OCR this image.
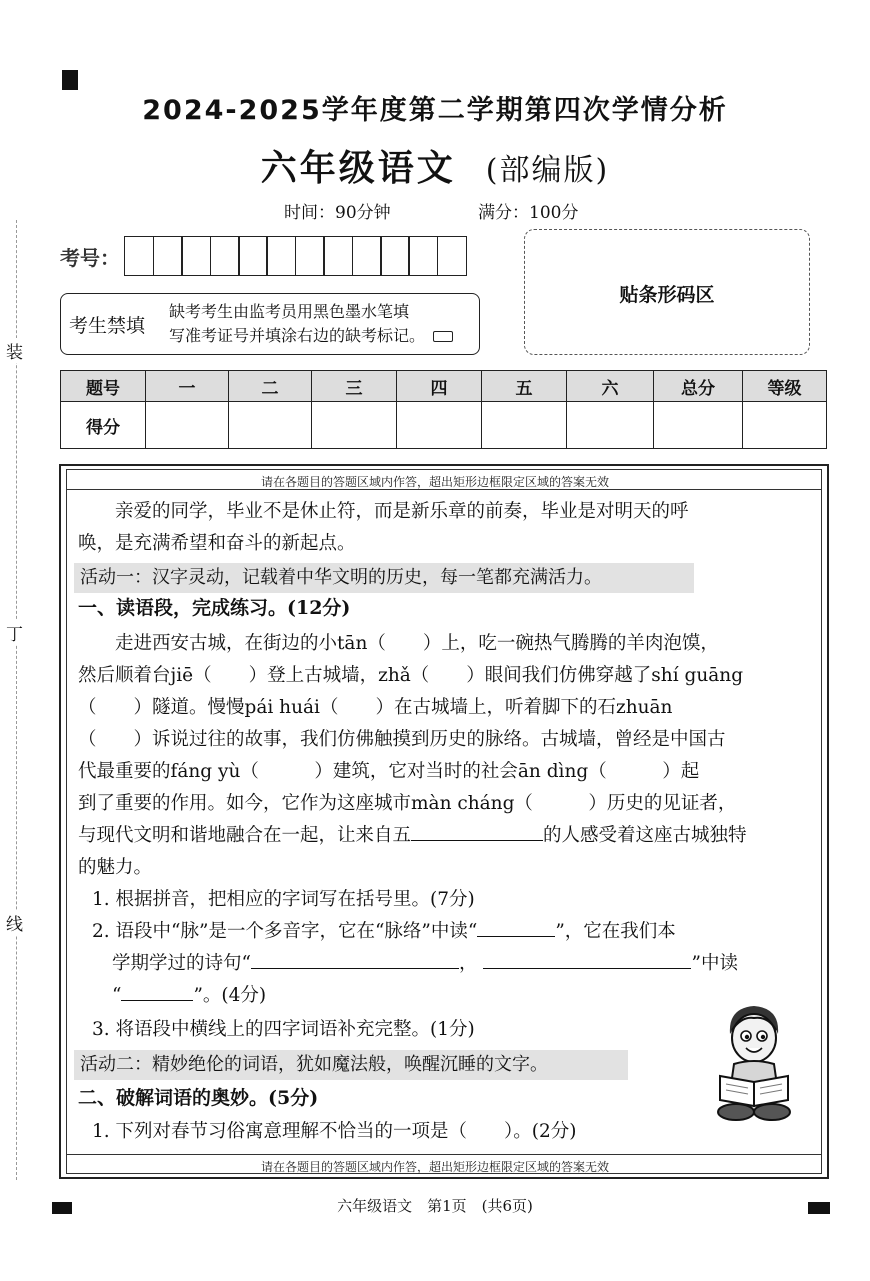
装
丁
线
2024-2025学年度第二学期第四次学情分析
六年级语文 (部编版)
时间：90分钟	满分：100分
考号：
考生禁填
缺考考生由监考员用黑色墨水笔填
写准考证号并填涂右边的缺考标记。
贴条形码区
题号	一	二	三	四	五	六	总分	等级
得分								
请在各题目的答题区域内作答，超出矩形边框限定区域的答案无效
亲爱的同学，毕业不是休止符，而是新乐章的前奏，毕业是对明天的呼
唤，是充满希望和奋斗的新起点。
活动一：汉字灵动，记载着中华文明的历史，每一笔都充满活力。
一、读语段，完成练习。(12分)
走进西安古城，在街边的小tān（　　）上，吃一碗热气腾腾的羊肉泡馍，
然后顺着台jiē（　　）登上古城墙，zhǎ（　　）眼间我们仿佛穿越了shí guāng
（　　）隧道。慢慢pái huái（　　）在古城墙上，听着脚下的石zhuān
（　　）诉说过往的故事，我们仿佛触摸到历史的脉络。古城墙，曾经是中国古
代最重要的fáng yù（　　　）建筑，它对当时的社会ān dìng（　　　）起
到了重要的作用。如今，它作为这座城市màn cháng（　　　）历史的见证者，
与现代文明和谐地融合在一起，让来自五	的人感受着这座古城独特
的魅力。
1. 根据拼音，把相应的字词写在括号里。(7分)
2. 语段中“脉”是一个多音字，它在“脉络”中读“	”，它在我们本
学期学过的诗句“	，	”中读
“	”。(4分)
3. 将语段中横线上的四字词语补充完整。(1分)
活动二：精妙绝伦的词语，犹如魔法般，唤醒沉睡的文字。
二、破解词语的奥妙。(5分)
1. 下列对春节习俗寓意理解不恰当的一项是（　　）。(2分)
请在各题目的答题区域内作答，超出矩形边框限定区域的答案无效
六年级语文　第1页　(共6页)
